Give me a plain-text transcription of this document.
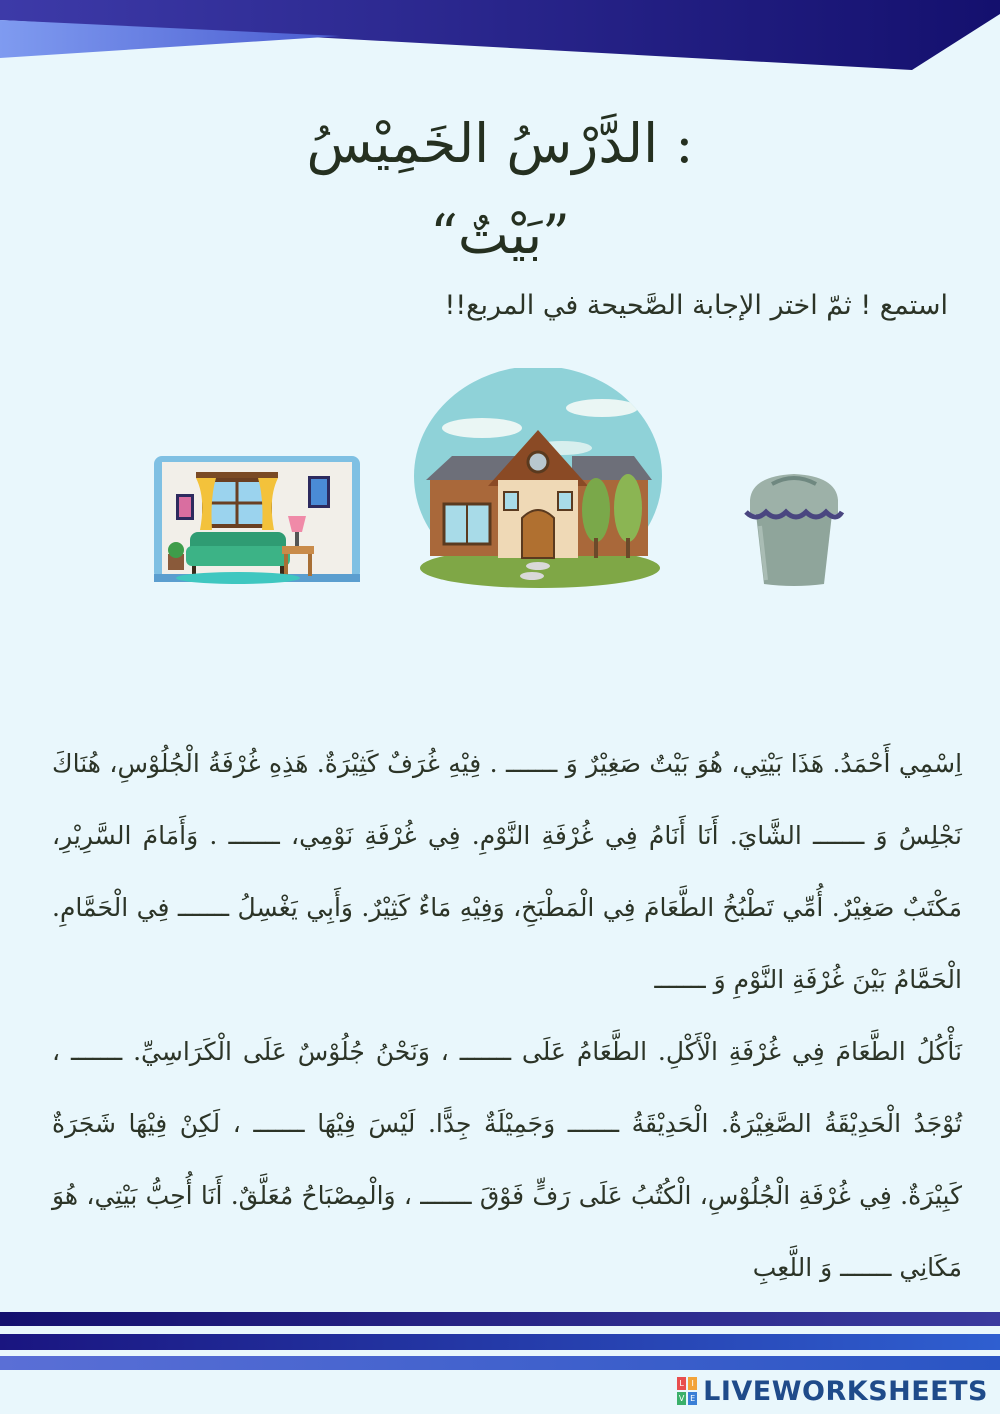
الدَّرْسُ الخَمِيْسُ :
“بَيْتٌ”
استمع ! ثمّ اختر الإجابة الصَّحيحة في المربع!!
اِسْمِي أَحْمَدُ. هَذَا بَيْتِي، هُوَ بَيْتٌ صَغِيْرٌ وَ ـــــــ . فِيْهِ غُرَفٌ كَثِيْرَةٌ. هَذِهِ غُرْفَةُ الْجُلُوْسِ، هُنَاكَ نَجْلِسُ وَ ـــــــ الشَّايَ. أَنَا أَنَامُ فِي غُرْفَةِ النَّوْمِ. فِي غُرْفَةِ نَوْمِي، ـــــــ . وَأَمَامَ السَّرِيْرِ، مَكْتَبٌ صَغِيْرٌ. أُمِّي تَطْبُخُ الطَّعَامَ فِي الْمَطْبَخِ، وَفِيْهِ مَاءٌ كَثِيْرٌ. وَأَبِي يَغْسِلُ ـــــــ فِي الْحَمَّامِ. الْحَمَّامُ بَيْنَ غُرْفَةِ النَّوْمِ وَ ـــــــ
نَأْكُلُ الطَّعَامَ فِي غُرْفَةِ الْأَكْلِ. الطَّعَامُ عَلَى ـــــــ ، وَنَحْنُ جُلُوْسٌ عَلَى الْكَرَاسِيِّ. ـــــــ ، تُوْجَدُ الْحَدِيْقَةُ الصَّغِيْرَةُ. الْحَدِيْقَةُ ـــــــ وَجَمِيْلَةٌ جِدًّا. لَيْسَ فِيْهَا ـــــــ ، لَكِنْ فِيْهَا شَجَرَةٌ كَبِيْرَةٌ. فِي غُرْفَةِ الْجُلُوْسِ، الْكُتُبُ عَلَى رَفٍّ فَوْقَ ـــــــ ، وَالْمِصْبَاحُ مُعَلَّقٌ. أَنَا أُحِبُّ بَيْتِي، هُوَ مَكَانِي ـــــــ وَ اللَّعِبِ
L I
V E LIVEWORKSHEETS
